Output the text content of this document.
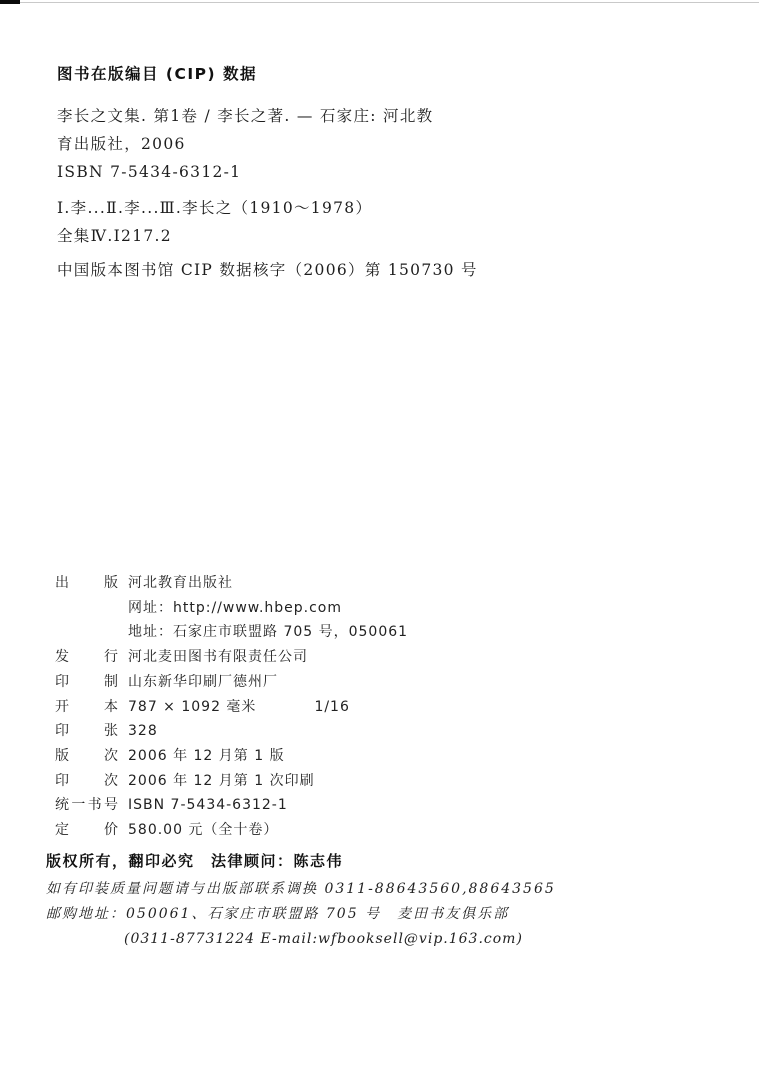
图书在版编目 (CIP) 数据

李长之文集. 第1卷 / 李长之著. — 石家庄: 河北教

育出版社，2006

ISBN 7-5434-6312-1

Ⅰ.李...Ⅱ.李...Ⅲ.李长之（1910～1978）

全集Ⅳ.I217.2

中国版本图书馆 CIP 数据核字（2006）第 150730 号

出版 河北教育出版社
网址：http://www.hbep.com
地址：石家庄市联盟路 705 号，050061
发行 河北麦田图书有限责任公司
印制 山东新华印刷厂德州厂
开本 787 × 1092 毫米	1/16
印张 328
版次 2006 年 12 月第 1 版
印次 2006 年 12 月第 1 次印刷
统一书号 ISBN 7-5434-6312-1
定价 580.00 元（全十卷）

版权所有，翻印必究　法律顾问：陈志伟

如有印装质量问题请与出版部联系调换 0311-88643560,88643565

邮购地址：050061、石家庄市联盟路 705 号　麦田书友俱乐部

(0311-87731224 E-mail:wfbooksell@vip.163.com)
